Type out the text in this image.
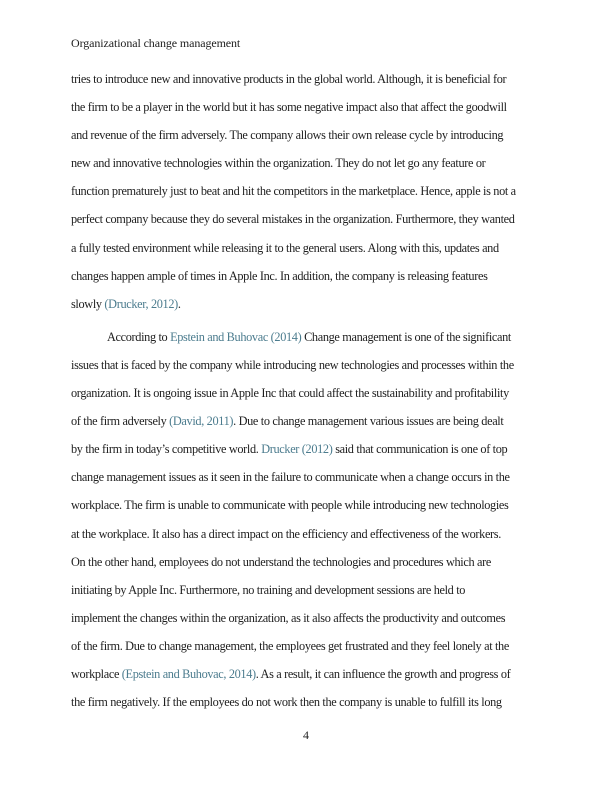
Organizational change management
tries to introduce new and innovative products in the global world. Although, it is beneficial for
the firm to be a player in the world but it has some negative impact also that affect the goodwill
and revenue of the firm adversely. The company allows their own release cycle by introducing
new and innovative technologies within the organization. They do not let go any feature or
function prematurely just to beat and hit the competitors in the marketplace. Hence, apple is not a
perfect company because they do several mistakes in the organization. Furthermore, they wanted
a fully tested environment while releasing it to the general users. Along with this, updates and
changes happen ample of times in Apple Inc. In addition, the company is releasing features
slowly (Drucker, 2012).
According to Epstein and Buhovac (2014) Change management is one of the significant
issues that is faced by the company while introducing new technologies and processes within the
organization. It is ongoing issue in Apple Inc that could affect the sustainability and profitability
of the firm adversely (David, 2011). Due to change management various issues are being dealt
by the firm in today’s competitive world. Drucker (2012) said that communication is one of top
change management issues as it seen in the failure to communicate when a change occurs in the
workplace. The firm is unable to communicate with people while introducing new technologies
at the workplace. It also has a direct impact on the efficiency and effectiveness of the workers.
On the other hand, employees do not understand the technologies and procedures which are
initiating by Apple Inc. Furthermore, no training and development sessions are held to
implement the changes within the organization, as it also affects the productivity and outcomes
of the firm. Due to change management, the employees get frustrated and they feel lonely at the
workplace (Epstein and Buhovac, 2014). As a result, it can influence the growth and progress of
the firm negatively. If the employees do not work then the company is unable to fulfill its long
4
